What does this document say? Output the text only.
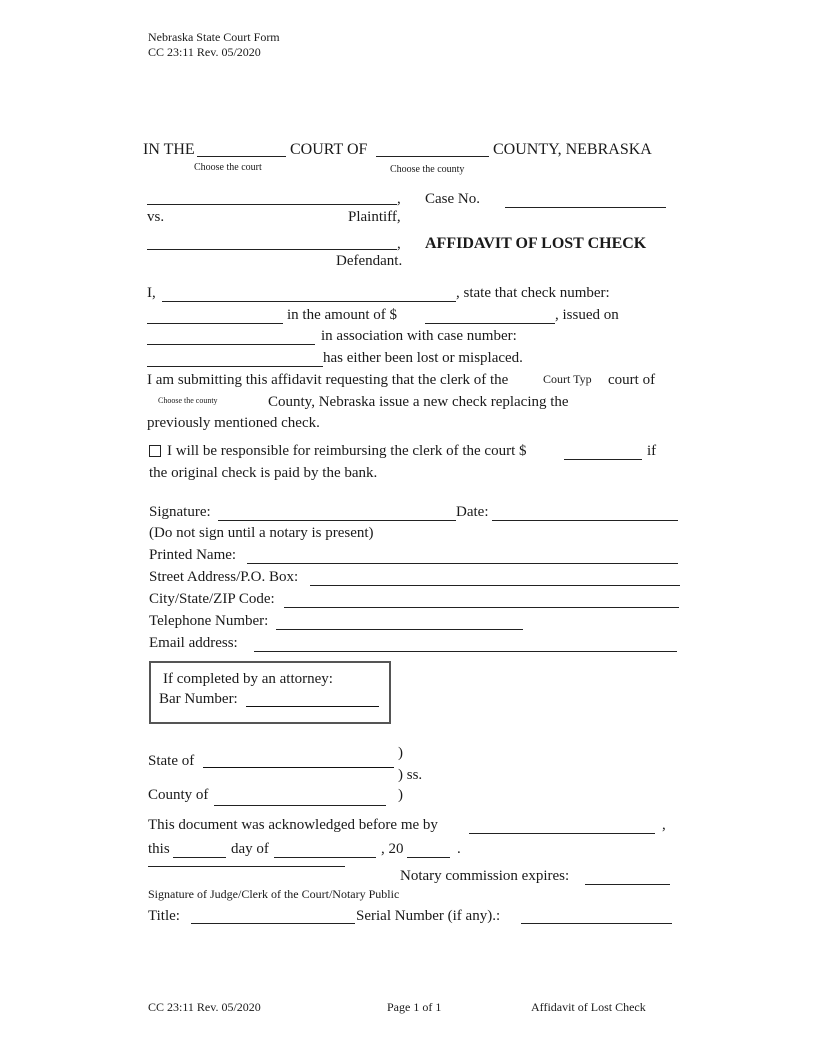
Nebraska State Court Form
CC 23:11 Rev. 05/2020
IN THE	COURT OF	COUNTY, NEBRASKA
Choose the court	Choose the county
, Case No.
vs.	Plaintiff,
, AFFIDAVIT OF LOST CHECK
Defendant.
I,	, state that check number:
in the amount of $	, issued on
in association with case number:
has either been lost or misplaced.
I am submitting this affidavit requesting that the clerk of the	Court Typ court of
Choose the county	County, Nebraska issue a new check replacing the
previously mentioned check.
I will be responsible for reimbursing the clerk of the court $	if
the original check is paid by the bank.
Signature:	Date:
(Do not sign until a notary is present)
Printed Name:
Street Address/P.O. Box:
City/State/ZIP Code:
Telephone Number:
Email address:
If completed by an attorney:
Bar Number:
State of	)
) ss.
County of	)
This document was acknowledged before me by	,
this	day of	, 20	.
Notary commission expires:
Signature of Judge/Clerk of the Court/Notary Public
Title:	Serial Number (if any).:
CC 23:11 Rev. 05/2020	Page 1 of 1	Affidavit of Lost Check
